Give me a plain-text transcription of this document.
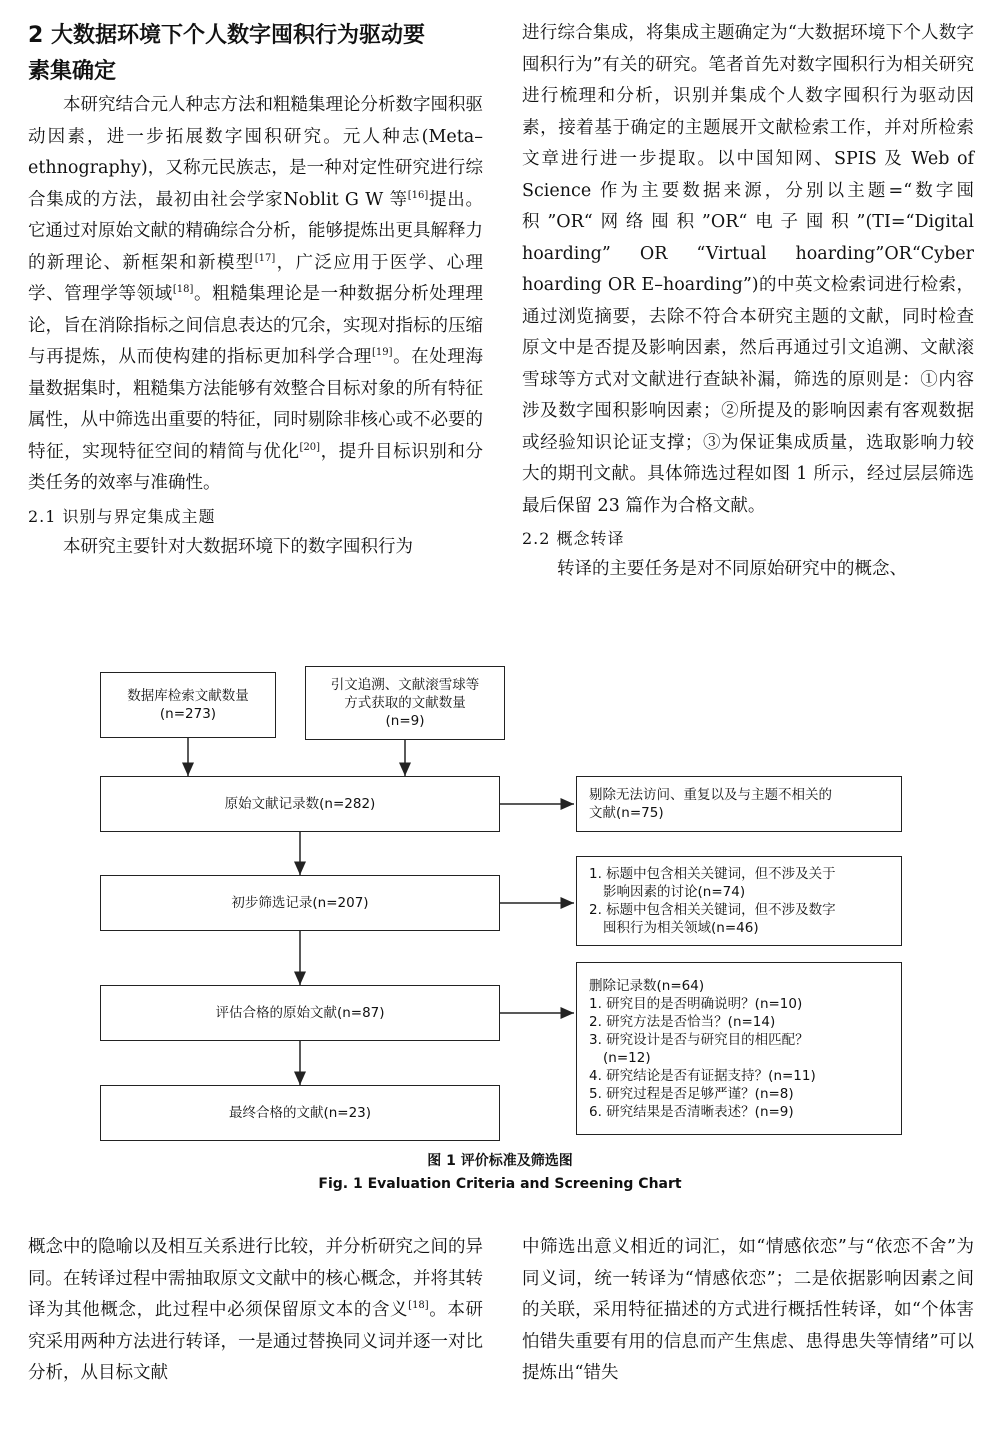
2 大数据环境下个人数字囤积行为驱动要
素集确定

本研究结合元人种志方法和粗糙集理论分析数字囤积驱动因素，进一步拓展数字囤积研究。元人种志(Meta–ethnography)，又称元民族志，是一种对定性研究进行综合集成的方法，最初由社会学家Noblit G W 等[16]提出。它通过对原始文献的精确综合分析，能够提炼出更具解释力的新理论、新框架和新模型[17]，广泛应用于医学、心理学、管理学等领域[18]。粗糙集理论是一种数据分析处理理论，旨在消除指标之间信息表达的冗余，实现对指标的压缩与再提炼，从而使构建的指标更加科学合理[19]。在处理海量数据集时，粗糙集方法能够有效整合目标对象的所有特征属性，从中筛选出重要的特征，同时剔除非核心或不必要的特征，实现特征空间的精简与优化[20]，提升目标识别和分类任务的效率与准确性。

2.1 识别与界定集成主题

本研究主要针对大数据环境下的数字囤积行为

进行综合集成，将集成主题确定为“大数据环境下个人数字囤积行为”有关的研究。笔者首先对数字囤积行为相关研究进行梳理和分析，识别并集成个人数字囤积行为驱动因素，接着基于确定的主题展开文献检索工作，并对所检索文章进行进一步提取。以中国知网、SPIS 及 Web of Science 作为主要数据来源，分别以主题=“数字囤积”OR“网络囤积”OR“电子囤积”(TI=“Digital hoarding” OR “Virtual hoarding”OR“Cyber hoarding OR E–hoarding”)的中英文检索词进行检索，通过浏览摘要，去除不符合本研究主题的文献，同时检查原文中是否提及影响因素，然后再通过引文追溯、文献滚雪球等方式对文献进行查缺补漏，筛选的原则是：①内容涉及数字囤积影响因素；②所提及的影响因素有客观数据或经验知识论证支撑；③为保证集成质量，选取影响力较大的期刊文献。具体筛选过程如图 1 所示，经过层层筛选最后保留 23 篇作为合格文献。

2.2 概念转译

转译的主要任务是对不同原始研究中的概念、

数据库检索文献数量
(n=273)
引文追溯、文献滚雪球等
方式获取的文献数量
(n=9)
原始文献记录数(n=282)
初步筛选记录(n=207)
评估合格的原始文献(n=87)
最终合格的文献(n=23)
剔除无法访问、重复以及与主题不相关的
文献(n=75)
1. 标题中包含相关关键词，但不涉及关于
影响因素的讨论(n=74)
2. 标题中包含相关关键词，但不涉及数字
囤积行为相关领域(n=46)
删除记录数(n=64)
1. 研究目的是否明确说明？(n=10)
2. 研究方法是否恰当？(n=14)
3. 研究设计是否与研究目的相匹配？
(n=12)
4. 研究结论是否有证据支持？(n=11)
5. 研究过程是否足够严谨？(n=8)
6. 研究结果是否清晰表述？(n=9)
图 1 评价标准及筛选图
Fig. 1 Evaluation Criteria and Screening Chart

概念中的隐喻以及相互关系进行比较，并分析研究之间的异同。在转译过程中需抽取原文文献中的核心概念，并将其转译为其他概念，此过程中必须保留原文本的含义[18]。本研究采用两种方法进行转译，一是通过替换同义词并逐一对比分析，从目标文献

中筛选出意义相近的词汇，如“情感依恋”与“依恋不舍”为同义词，统一转译为“情感依恋”；二是依据影响因素之间的关联，采用特征描述的方式进行概括性转译，如“个体害怕错失重要有用的信息而产生焦虑、患得患失等情绪”可以提炼出“错失
